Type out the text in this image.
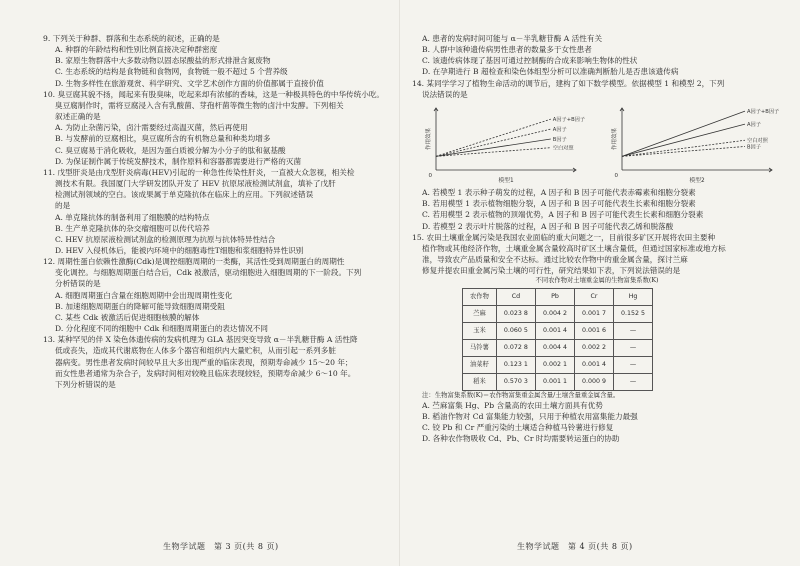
9. 下列关于种群、群落和生态系统的叙述，正确的是
A. 种群的年龄结构和性别比例直接决定种群密度
B. 家原生物群落中大多数动物以固态尿酸盐的形式排泄含氮废物
C. 生态系统的结构是食物链和食物网，食物链一般不超过 5 个营养级
D. 生物多样性在旅游观赏、科学研究、文学艺术创作方面的价值都属于直接价值
10. 臭豆腐其貌不扬，闻起来有股臭味，吃起来却有浓郁的香味，这是一种极具特色的中华传统小吃。
臭豆腐制作时，需将豆腐浸入含有乳酸菌、芽孢杆菌等微生物的卤汁中发酵。下列相关
叙述正确的是
A. 为防止杂菌污染，卤汁需要经过高温灭菌，然后再使用
B. 与发酵前的豆腐相比，臭豆腐所含的有机物总量和种类均增多
C. 臭豆腐易于消化吸收，是因为蛋白质被分解为小分子的肽和氨基酸
D. 为保证制作属于传统发酵技术，制作原料和容器都需要进行严格的灭菌
11. 戊型肝炎是由戊型肝炎病毒(HEV)引起的一种急性传染性肝炎，一直被大众忽视，相关检
测技术有限。我国厦门大学研发团队开发了 HEV 抗原尿液检测试剂盒，填补了戊肝
检测试剂领域的空白。该成果属于单克隆抗体在临床上的应用。下列叙述错误
的是
A. 单克隆抗体的制备利用了细胞膜的结构特点
B. 生产单克隆抗体的杂交瘤细胞可以传代培养
C. HEV 抗原尿液检测试剂盒的检测原理为抗原与抗体特异性结合
D. HEV 入侵机体后，能被内环境中的细胞毒性T细胞和浆细胞特异性识别
12. 周期性蛋白依赖性激酶(Cdk)是调控细胞周期的一类酶，其活性受到周期蛋白的周期性
变化调控。与细胞周期蛋白结合后，Cdk 被激活，驱动细胞进入细胞周期的下一阶段。下列
分析错误的是
A. 细胞周期蛋白含量在细胞周期中会出现周期性变化
B. 加速细胞周期蛋白的降解可能导致细胞周期受阻
C. 某些 Cdk 被激活后促进细胞核膜的解体
D. 分化程度不同的细胞中 Cdk 和细胞周期蛋白的表达情况不同
13. 某种罕见的伴 X 染色体遗传病的发病机理为 GLA 基因突变导致 α－半乳糖苷酶 A 活性降
低或丧失，造成其代谢底物在人体多个器官和组织内大量贮积，从而引起一系列多脏
器病变。男性患者发病时间较早且大多出现严重的临床表现，预期寿命减少 15～20 年；
而女性患者通常为杂合子，发病时间相对较晚且临床表现较轻，预期寿命减少 6～10 年。
下列分析错误的是
生物学试题　第 3 页(共 8 页)
A. 患者的发病时间可能与 α－半乳糖苷酶 A 活性有关
B. 人群中该种遗传病男性患者的数量多于女性患者
C. 该遗传病体现了基因可通过控制酶的合成来影响生物体的性状
D. 在孕期进行 B 超检查和染色体组型分析可以准确判断胎儿是否患该遗传病
14. 某同学学习了植物生命活动的调节后，建构了如下数学模型。依据模型 1 和模型 2，下列
说法错误的是
0
作用效果
模型1
A因子+B因子
A因子
B因子
空白对照
0
作用效果
模型2
A因子+B因子
A因子
空白对照
B因子
A. 若模型 1 表示种子萌发的过程，A 因子和 B 因子可能代表赤霉素和细胞分裂素
B. 若用模型 1 表示植物细胞分裂，A 因子和 B 因子可能代表生长素和细胞分裂素
C. 若用模型 2 表示植物的顶端优势，A 因子和 B 因子可能代表生长素和细胞分裂素
D. 若模型 2 表示叶片脱落的过程，A 因子和 B 因子可能代表乙烯和脱落酸
15. 农田土壤重金属污染是我国农业面临的重大问题之一，目前很多矿区开展将农田主要种
植作物或其他经济作物，土壤重金属含量较高时矿区土壤含量低，但通过国家标准或地方标
准，导致农产品质量和安全不达标。通过比较农作物中的重金属含量，探讨兰麻
修复并提农田重金属污染土壤的可行性，研究结果如下表，下列说法错误的是
不同农作物对土壤重金属的生物富集系数(K)
农作物	Cd	Pb	Cr	Hg
苎麻	0.023 8	0.004 2	0.001 7	0.152 5
玉米	0.060 5	0.001 4	0.001 6	—
马铃薯	0.072 8	0.004 4	0.002 2	—
油菜籽	0.123 1	0.002 1	0.001 4	—
稻米	0.570 3	0.001 1	0.000 9	—
注：生物富集系数(K)＝农作物富集重金属含量/土壤含量重金属含量。
A. 苎麻富集 Hg、Pb 含量高的农田土壤方面具有优势
B. 稻油作物对 Cd 富集能力较强，只用于种植农用富集能力最强
C. 铰 Pb 和 Cr 严重污染的土壤适合种植马铃薯进行修复
D. 各种农作物吸收 Cd、Pb、Cr 时均需要转运蛋白的协助
生物学试题　第 4 页(共 8 页)
